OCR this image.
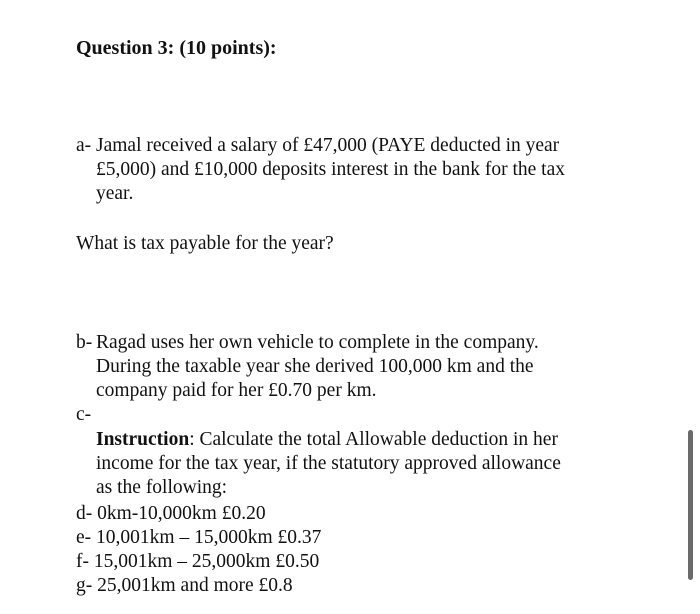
Question 3: (10 points):
a- Jamal received a salary of £47,000 (PAYE deducted in year
£5,000) and £10,000 deposits interest in the bank for the tax
year.
What is tax payable for the year?
b- Ragad uses her own vehicle to complete in the company.
During the taxable year she derived 100,000 km and the
company paid for her £0.70 per km.
c-
Instruction: Calculate the total Allowable deduction in her
income for the tax year, if the statutory approved allowance
as the following:
d- 0km-10,000km £0.20
e- 10,001km – 15,000km £0.37
f- 15,001km – 25,000km £0.50
g- 25,001km and more £0.8
